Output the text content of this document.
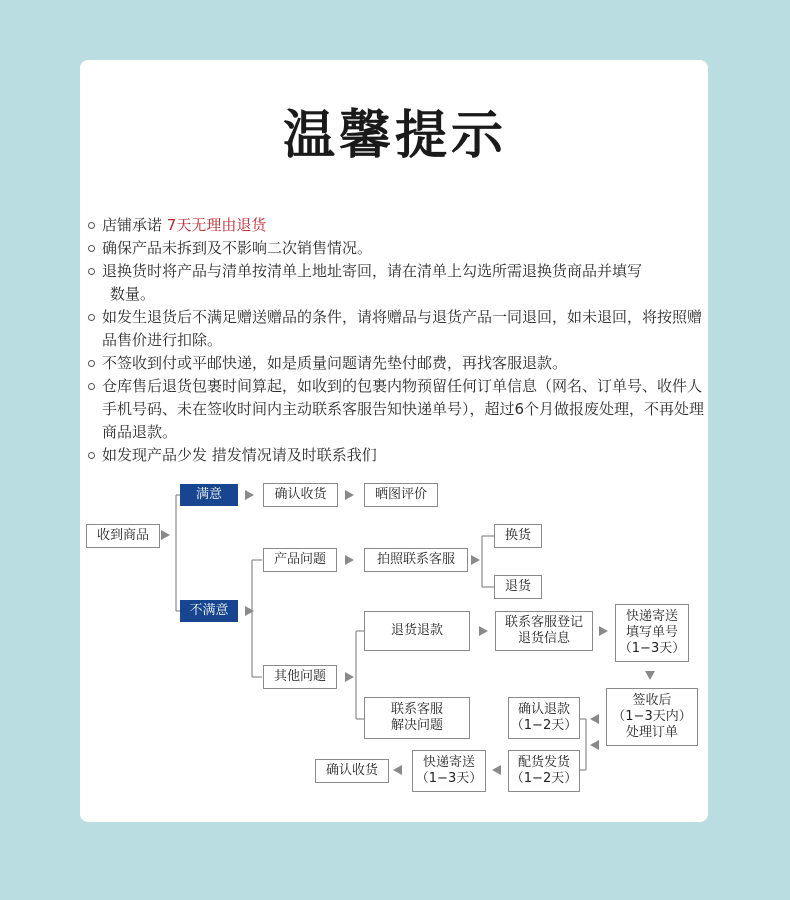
温馨提示

店铺承诺 7天无理由退货

确保产品未拆到及不影响二次销售情况。

退换货时将产品与清单按清单上地址寄回，请在清单上勾选所需退换货商品并填写
数量。

如发生退货后不满足赠送赠品的条件，请将赠品与退货产品一同退回，如未退回，将按照赠品售价进行扣除。

不签收到付或平邮快递，如是质量问题请先垫付邮费，再找客服退款。

仓库售后退货包裹时间算起，如收到的包裹内物预留任何订单信息（网名、订单号、收件人手机号码、未在签收时间内主动联系客服告知快递单号），超过6个月做报废处理，不再处理商品退款。

如发现产品少发 措发情况请及时联系我们

收到商品
满意	确认收货	晒图评价
不满意
产品问题	拍照联系客服
换货
退货
其他问题
退货退款
联系客服登记
退货信息
快递寄送
填写单号
（1−3天）
签收后
（1−3天内）
处理订单
联系客服
解决问题
确认退款
（1−2天）
配货发货
（1−2天）
快递寄送
（1−3天）
确认收货
